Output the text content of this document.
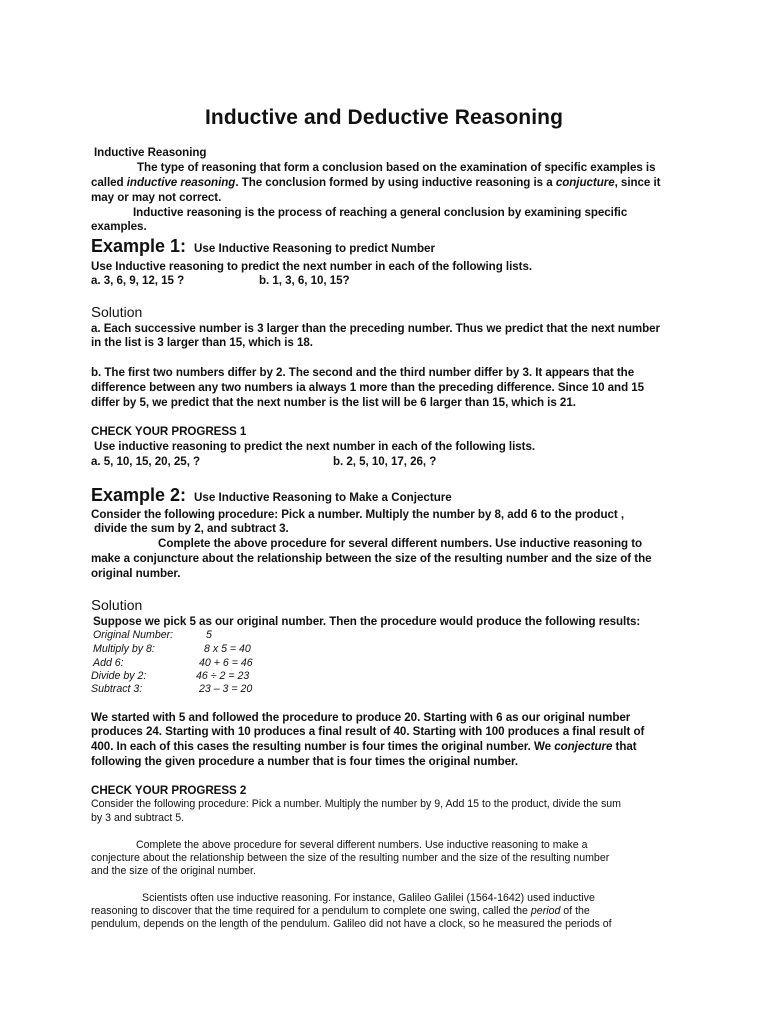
Inductive and Deductive Reasoning

Inductive Reasoning

The type of reasoning that form a conclusion based on the examination of specific examples is

called inductive reasoning. The conclusion formed by using inductive reasoning is a conjucture, since it

may or may not correct.

Inductive reasoning is the process of reaching a general conclusion by examining specific

examples.

Example 1: Use Inductive Reasoning to predict Number

Use Inductive reasoning to predict the next number in each of the following lists.

a. 3, 6, 9, 12, 15 ?	b. 1, 3, 6, 10, 15?

Solution

a. Each successive number is 3 larger than the preceding number. Thus we predict that the next number

in the list is 3 larger than 15, which is 18.

b. The first two numbers differ by 2. The second and the third number differ by 3. It appears that the

difference between any two numbers ia always 1 more than the preceding difference. Since 10 and 15

differ by 5, we predict that the next number is the list will be 6 larger than 15, which is 21.

CHECK YOUR PROGRESS 1

Use inductive reasoning to predict the next number in each of the following lists.

a. 5, 10, 15, 20, 25, ?	b. 2, 5, 10, 17, 26, ?

Example 2: Use Inductive Reasoning to Make a Conjecture

Consider the following procedure: Pick a number. Multiply the number by 8, add 6 to the product ,

divide the sum by 2, and subtract 3.

Complete the above procedure for several different numbers. Use inductive reasoning to

make a conjuncture about the relationship between the size of the resulting number and the size of the

original number.

Solution

Suppose we pick 5 as our original number. Then the procedure would produce the following results:

Original Number:	5

Multiply by 8:	8 x 5 = 40

Add 6:	40 + 6 = 46

Divide by 2:	46 ÷ 2 = 23

Subtract 3:	23 – 3 = 20

We started with 5 and followed the procedure to produce 20. Starting with 6 as our original number

produces 24. Starting with 10 produces a final result of 40. Starting with 100 produces a final result of

400. In each of this cases the resulting number is four times the original number. We conjecture that

following the given procedure a number that is four times the original number.

CHECK YOUR PROGRESS 2

Consider the following procedure: Pick a number. Multiply the number by 9, Add 15 to the product, divide the sum

by 3 and subtract 5.

Complete the above procedure for several different numbers. Use inductive reasoning to make a

conjecture about the relationship between the size of the resulting number and the size of the resulting number

and the size of the original number.

Scientists often use inductive reasoning. For instance, Galileo Galilei (1564-1642) used inductive

reasoning to discover that the time required for a pendulum to complete one swing, called the period of the

pendulum, depends on the length of the pendulum. Galileo did not have a clock, so he measured the periods of
